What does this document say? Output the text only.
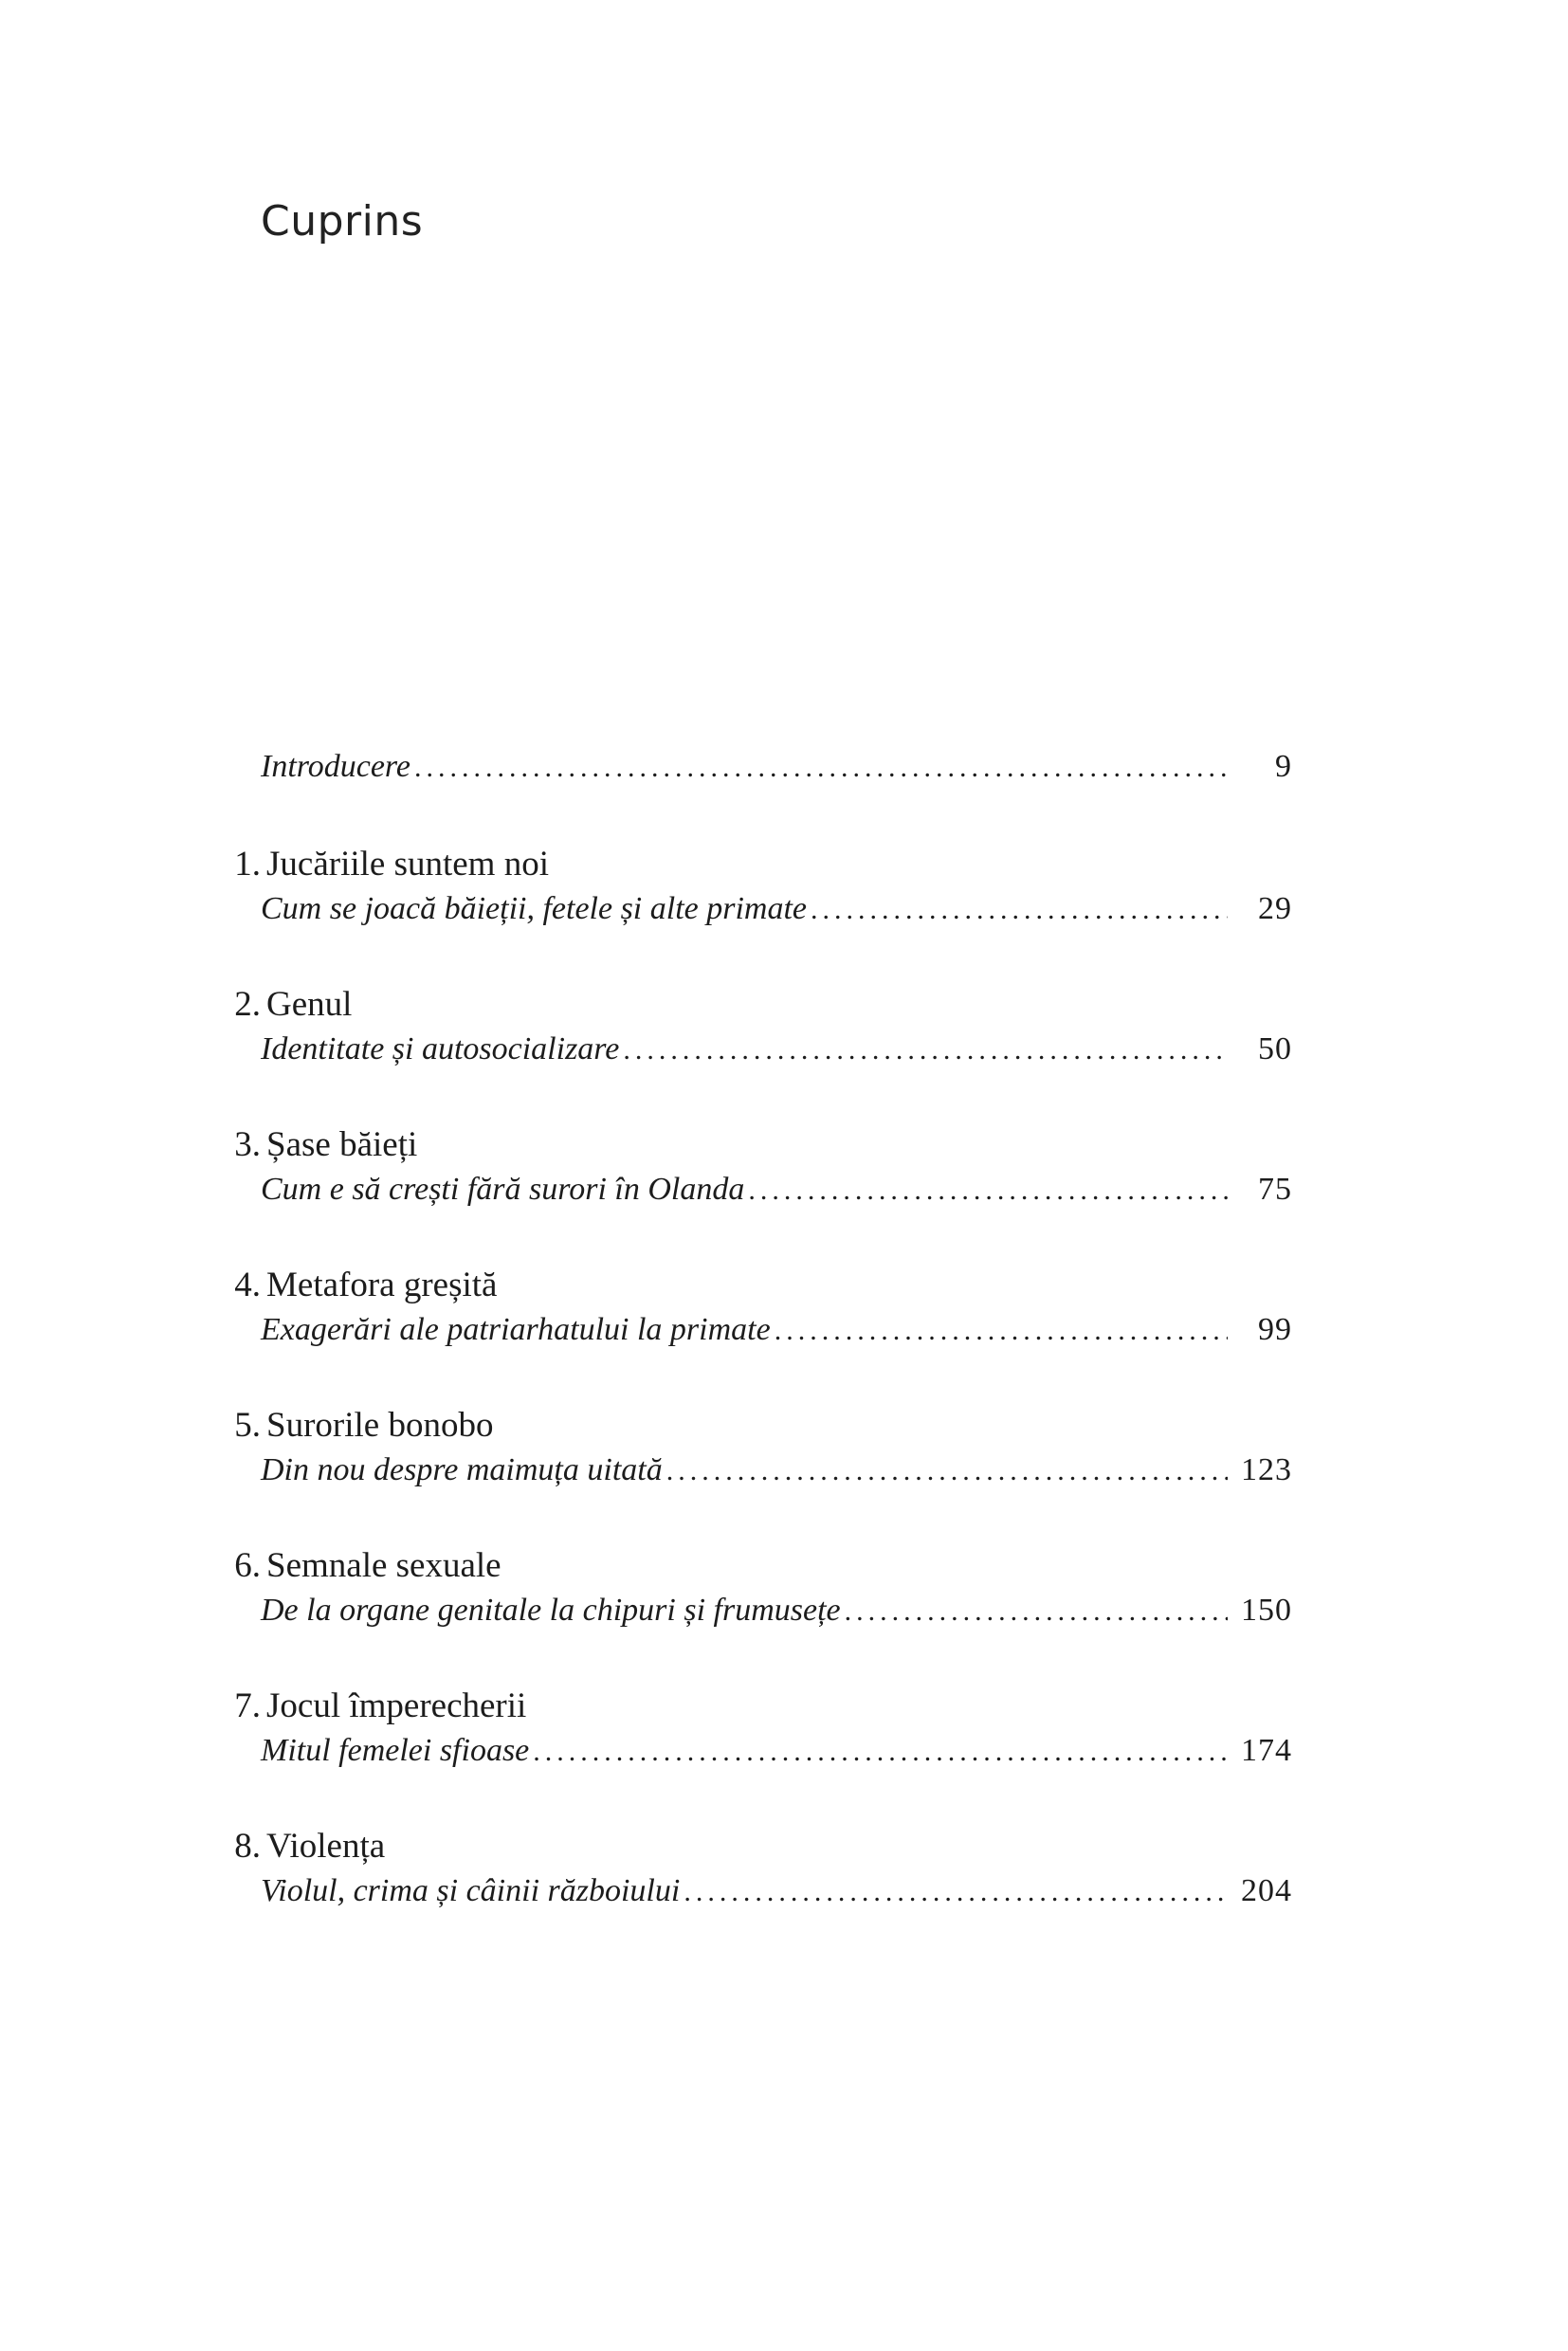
Cuprins
Introducere .....	9
1. Jucăriile suntem noi
Cum se joacă băieții, fetele și alte primate .....	29
2. Genul
Identitate și autosocializare .....	50
3. Șase băieți
Cum e să crești fără surori în Olanda .....	75
4. Metafora greșită
Exagerări ale patriarhatului la primate .....	99
5. Surorile bonobo
Din nou despre maimuța uitată .....	123
6. Semnale sexuale
De la organe genitale la chipuri și frumusețe .....	150
7. Jocul împerecherii
Mitul femelei sfioase .....	174
8. Violența
Violul, crima și câinii războiului .....	204
